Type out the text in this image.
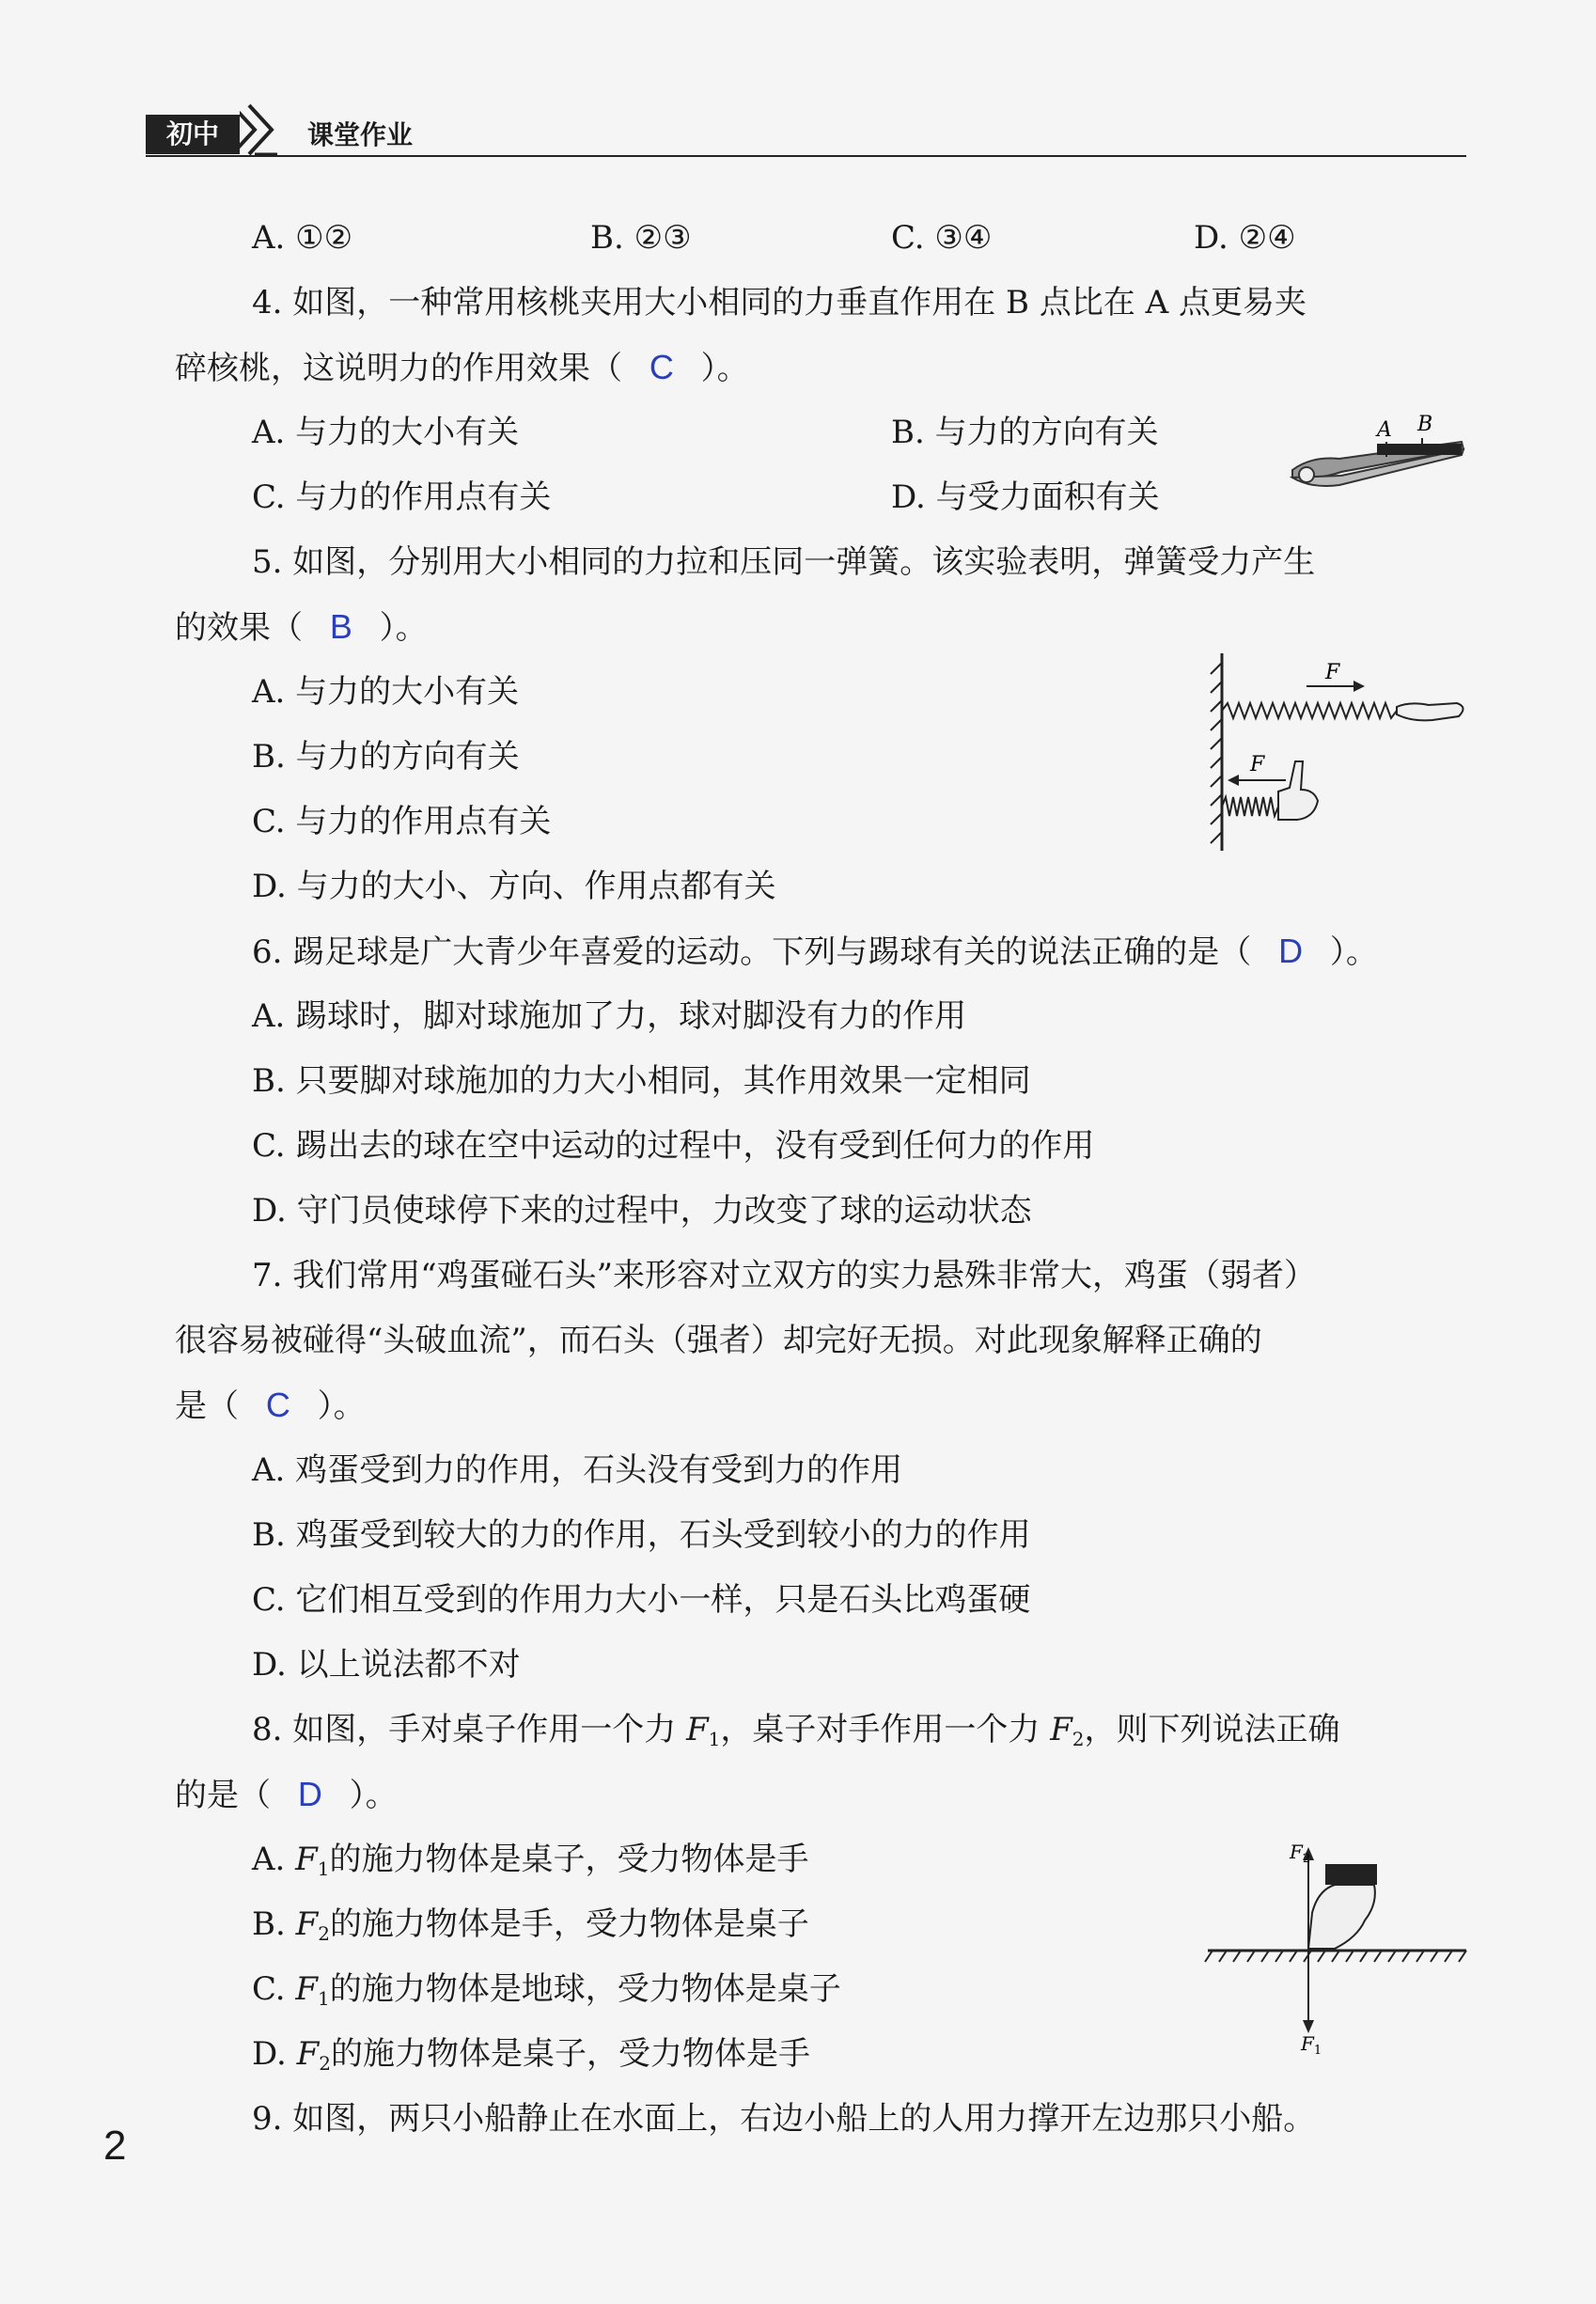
初中	课堂作业
A. ①②	B. ②③	C. ③④	D. ②④
4. 如图，一种常用核桃夹用大小相同的力垂直作用在 B 点比在 A 点更易夹
碎核桃，这说明力的作用效果（ C ）。
A. 与力的大小有关	B. 与力的方向有关
C. 与力的作用点有关	D. 与受力面积有关
A B
5. 如图，分别用大小相同的力拉和压同一弹簧。该实验表明，弹簧受力产生
的效果（ B ）。
A. 与力的大小有关
B. 与力的方向有关
C. 与力的作用点有关
D. 与力的大小、方向、作用点都有关
F
F
6. 踢足球是广大青少年喜爱的运动。下列与踢球有关的说法正确的是（ D ）。
A. 踢球时，脚对球施加了力，球对脚没有力的作用
B. 只要脚对球施加的力大小相同，其作用效果一定相同
C. 踢出去的球在空中运动的过程中，没有受到任何力的作用
D. 守门员使球停下来的过程中，力改变了球的运动状态
7. 我们常用“鸡蛋碰石头”来形容对立双方的实力悬殊非常大，鸡蛋（弱者）
很容易被碰得“头破血流”，而石头（强者）却完好无损。对此现象解释正确的
是（ C ）。
A. 鸡蛋受到力的作用，石头没有受到力的作用
B. 鸡蛋受到较大的力的作用，石头受到较小的力的作用
C. 它们相互受到的作用力大小一样，只是石头比鸡蛋硬
D. 以上说法都不对
8. 如图，手对桌子作用一个力 $F_1$，桌子对手作用一个力 $F_2$，则下列说法正确
的是（ D ）。
A. $F_1$的施力物体是桌子，受力物体是手
B. $F_2$的施力物体是手，受力物体是桌子
C. $F_1$的施力物体是地球，受力物体是桌子
D. $F_2$的施力物体是桌子，受力物体是手
$F_2$
$F_1$
9. 如图，两只小船静止在水面上，右边小船上的人用力撑开左边那只小船。
2
